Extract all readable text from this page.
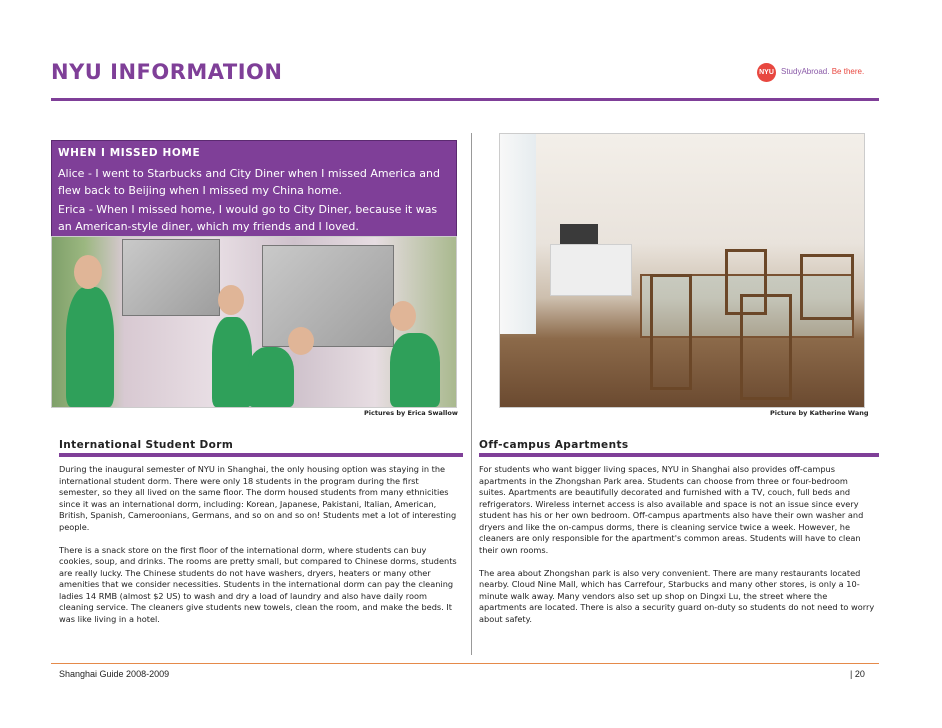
NYU INFORMATION	NYU StudyAbroad. Be there.
WHEN I MISSED HOME
Alice - I went to Starbucks and City Diner when I missed America and flew back to Beijing when I missed my China home.
Erica - When I missed home, I would go to City Diner, because it was an American-style diner, which my friends and I loved.
Pictures by Erica Swallow	Picture by Katherine Wang
International Student Dorm

During the inaugural semester of NYU in Shanghai, the only housing option was staying in the international student dorm. There were only 18 students in the program during the first semester, so they all lived on the same floor. The dorm housed students from many ethnicities since it was an international dorm, including: Korean, Japanese, Pakistani, Italian, American, British, Spanish, Cameroonians, Germans, and so on and so on! Students met a lot of interesting people.

There is a snack store on the first floor of the international dorm, where students can buy cookies, soup, and drinks. The rooms are pretty small, but compared to Chinese dorms, students are really lucky. The Chinese students do not have washers, dryers, heaters or many other amenities that we consider necessities. Students in the international dorm can pay the cleaning ladies 14 RMB (almost $2 US) to wash and dry a load of laundry and also have daily room cleaning service. The cleaners give students new towels, clean the room, and make the beds. It was like living in a hotel.

Off-campus Apartments

For students who want bigger living spaces, NYU in Shanghai also provides off-campus apartments in the Zhongshan Park area. Students can choose from three or four-bedroom suites. Apartments are beautifully decorated and furnished with a TV, couch, full beds and refrigerators. Wireless internet access is also available and space is not an issue since every student has his or her own bedroom. Off-campus apartments also have their own washer and dryers and like the on-campus dorms, there is cleaning service twice a week. However, he cleaners are only responsible for the apartment's common areas. Students will have to clean their own rooms.

The area about Zhongshan park is also very convenient. There are many restaurants located nearby. Cloud Nine Mall, which has Carrefour, Starbucks and many other stores, is only a 10-minute walk away. Many vendors also set up shop on Dingxi Lu, the street where the apartments are located. There is also a security guard on-duty so students do not need to worry about safety.

Shanghai Guide 2008-2009	| 20
